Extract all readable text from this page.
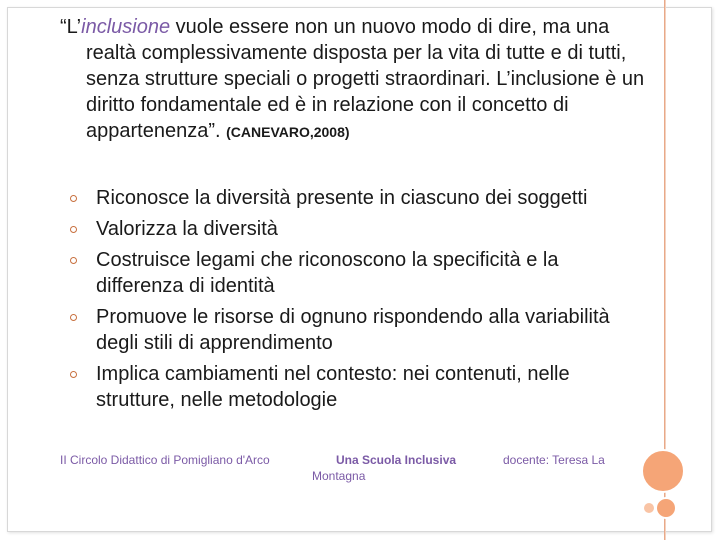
“L’inclusione vuole essere non un nuovo modo di dire, ma una realtà complessivamente disposta per la vita di tutte e di tutti, senza strutture speciali o progetti straordinari. L’inclusione è un diritto fondamentale ed è in relazione con il concetto di appartenenza”. (CANEVARO,2008)
Riconosce la diversità presente in ciascuno dei soggetti
Valorizza la diversità
Costruisce legami che riconoscono la specificità e la differenza di identità
Promuove le risorse di ognuno rispondendo alla variabilità degli stili di apprendimento
Implica cambiamenti nel contesto: nei contenuti, nelle strutture, nelle metodologie
II Circolo Didattico di Pomigliano d'Arco	Una Scuola Inclusiva	docente: Teresa La
Montagna
